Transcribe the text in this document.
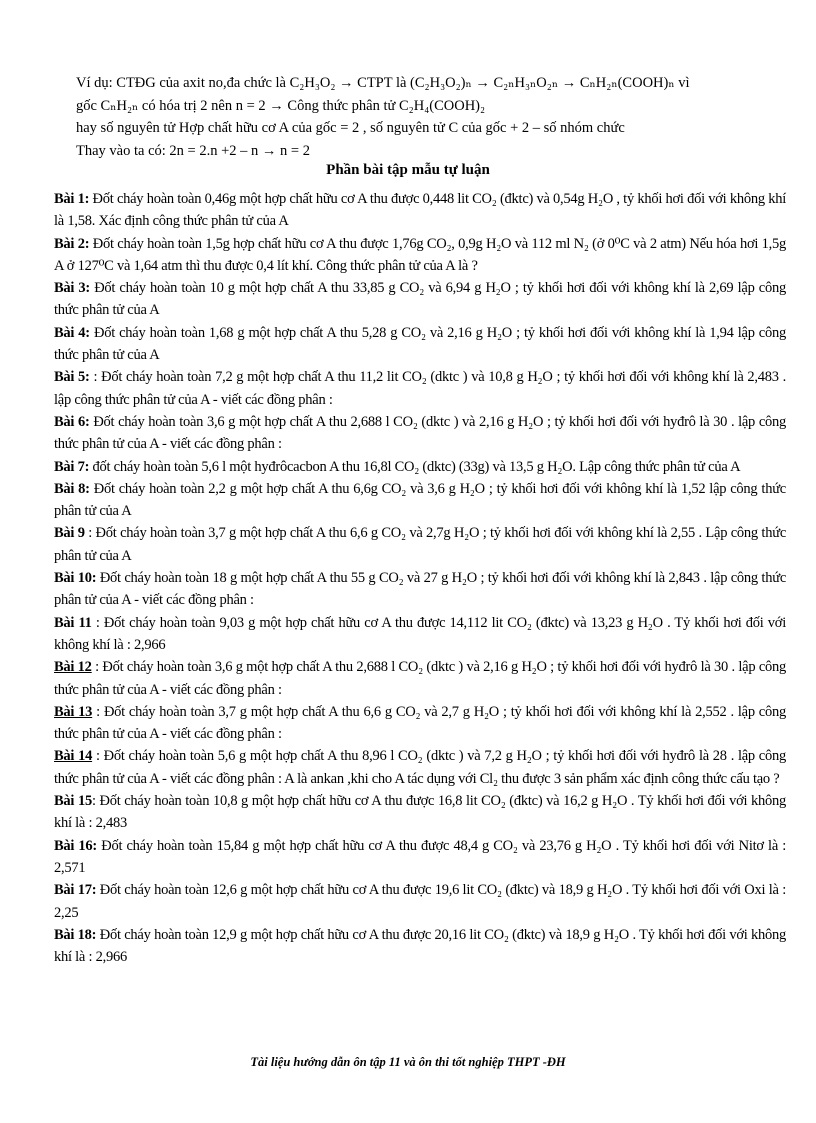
Ví dụ: CTĐG của axit no,đa chức là C₂H₃O₂ → CTPT là (C₂H₃O₂)ₙ → C₂ₙH₃ₙO₂ₙ → CₙH₂ₙ(COOH)ₙ vì

gốc CₙH₂ₙ có hóa trị 2 nên n = 2 → Công thức phân tử C₂H₄(COOH)₂

hay số nguyên tử Hợp chất hữu cơ A của gốc = 2 , số nguyên tử C của gốc + 2 – số nhóm chức

Thay vào ta có: 2n = 2.n +2 – n → n = 2

Phần bài tập mẫu tự luận

Bài 1: Đốt cháy hoàn toàn 0,46g một hợp chất hữu cơ A thu được 0,448 lit CO₂ (đktc) và 0,54g H₂O , tỷ khối hơi đối với không khí là 1,58. Xác định công thức phân tử của A

Bài 2: Đốt cháy hoàn toàn 1,5g hợp chất hữu cơ A thu được 1,76g CO₂, 0,9g H₂O và 112 ml N₂ (ở 0⁰C và 2 atm) Nếu hóa hơi 1,5g A ở 127⁰C và 1,64 atm thì thu được 0,4 lít khí. Công thức phân tử của A là ?

Bài 3: Đốt cháy hoàn toàn 10 g một hợp chất A thu 33,85 g CO₂ và 6,94 g H₂O ; tỷ khối hơi đối với không khí là 2,69 lập công thức phân tử của A

Bài 4: Đốt cháy hoàn toàn 1,68 g một hợp chất A thu 5,28 g CO₂ và 2,16 g H₂O ; tỷ khối hơi đối với không khí là 1,94 lập công thức phân tử của A

Bài 5: : Đốt cháy hoàn toàn 7,2 g một hợp chất A thu 11,2 lit CO₂ (dktc ) và 10,8 g H₂O ; tỷ khối hơi đối với không khí là 2,483 . lập công thức phân tử của A - viết các đồng phân :

Bài 6: Đốt cháy hoàn toàn 3,6 g một hợp chất A thu 2,688 l CO₂ (dktc ) và 2,16 g H₂O ; tỷ khối hơi đối với hyđrô là 30 . lập công thức phân tử của A - viết các đồng phân :

Bài 7: đốt cháy hoàn toàn 5,6 l một hyđrôcacbon A thu 16,8l CO₂ (dktc) (33g) và 13,5 g H₂O. Lập công thức phân tử của A

Bài 8: Đốt cháy hoàn toàn 2,2 g một hợp chất A thu 6,6g CO₂ và 3,6 g H₂O ; tỷ khối hơi đối với không khí là 1,52 lập công thức phân tử của A

Bài 9 : Đốt cháy hoàn toàn 3,7 g một hợp chất A thu 6,6 g CO₂ và 2,7g H₂O ; tỷ khối hơi đối với không khí là 2,55 . Lập công thức phân tử của A

Bài 10: Đốt cháy hoàn toàn 18 g một hợp chất A thu 55 g CO₂ và 27 g H₂O ; tỷ khối hơi đối với không khí là 2,843 . lập công thức phân tử của A - viết các đồng phân :

Bài 11 : Đốt cháy hoàn toàn 9,03 g một hợp chất hữu cơ A thu được 14,112 lit CO₂ (đktc) và 13,23 g H₂O . Tỷ khối hơi đối với không khí là : 2,966

Bài 12 : Đốt cháy hoàn toàn 3,6 g một hợp chất A thu 2,688 l CO₂ (dktc ) và 2,16 g H₂O ; tỷ khối hơi đối với hyđrô là 30 . lập công thức phân tử của A - viết các đồng phân :

Bài 13 : Đốt cháy hoàn toàn 3,7 g một hợp chất A thu 6,6 g CO₂ và 2,7 g H₂O ; tỷ khối hơi đối với không khí là 2,552 . lập công thức phân tử của A - viết các đồng phân :

Bài 14 : Đốt cháy hoàn toàn 5,6 g một hợp chất A thu 8,96 l CO₂ (dktc ) và 7,2 g H₂O ; tỷ khối hơi đối với hyđrô là 28 . lập công thức phân tử của A - viết các đồng phân : A là ankan ,khi cho A tác dụng với Cl₂ thu được 3 sản phẩm xác định công thức cấu tạo ?

Bài 15: Đốt cháy hoàn toàn 10,8 g một hợp chất hữu cơ A thu được 16,8 lit CO₂ (đktc) và 16,2 g H₂O . Tỷ khối hơi đối với không khí là : 2,483

Bài 16: Đốt cháy hoàn toàn 15,84 g một hợp chất hữu cơ A thu được 48,4 g CO₂ và 23,76 g H₂O . Tỷ khối hơi đối với Nitơ là : 2,571

Bài 17: Đốt cháy hoàn toàn 12,6 g một hợp chất hữu cơ A thu được 19,6 lit CO₂ (đktc) và 18,9 g H₂O . Tỷ khối hơi đối với Oxi là : 2,25

Bài 18: Đốt cháy hoàn toàn 12,9 g một hợp chất hữu cơ A thu được 20,16 lit CO₂ (đktc) và 18,9 g H₂O . Tỷ khối hơi đối với không khí là : 2,966

Tài liệu hướng dẫn ôn tập 11 và ôn thi tốt nghiệp THPT -ĐH
